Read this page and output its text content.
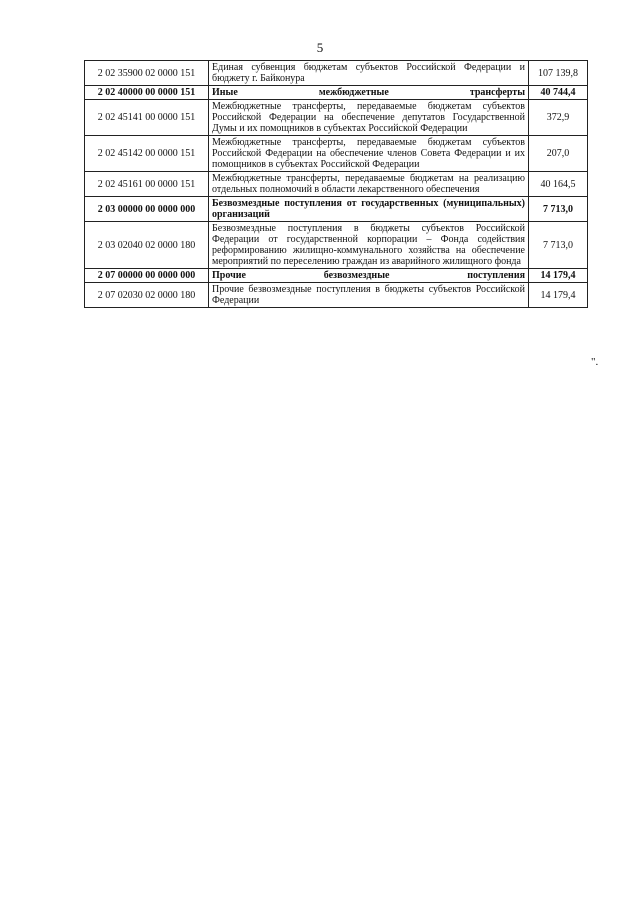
5
2 02 35900 02 0000 151	Единая субвенция бюджетам субъектов Российской Федерации и бюджету г. Байконура	107 139,8
2 02 40000 00 0000 151	Иные межбюджетные трансферты	40 744,4
2 02 45141 00 0000 151	Межбюджетные трансферты, передаваемые бюджетам субъектов Российской Федерации на обеспечение депутатов Государственной Думы и их помощников в субъектах Российской Федерации	372,9
2 02 45142 00 0000 151	Межбюджетные трансферты, передаваемые бюджетам субъектов Российской Федерации на обеспечение членов Совета Федерации и их помощников в субъектах Российской Федерации	207,0
2 02 45161 00 0000 151	Межбюджетные трансферты, передаваемые бюджетам на реализацию отдельных полномочий в области лекарственного обеспечения	40 164,5
2 03 00000 00 0000 000	Безвозмездные поступления от государственных (муниципальных) организаций	7 713,0
2 03 02040 02 0000 180	Безвозмездные поступления в бюджеты субъектов Российской Федерации от государственной корпорации – Фонда содействия реформированию жилищно-коммунального хозяйства на обеспечение мероприятий по переселению граждан из аварийного жилищного фонда	7 713,0
2 07 00000 00 0000 000	Прочие безвозмездные поступления	14 179,4
2 07 02030 02 0000 180	Прочие безвозмездные поступления в бюджеты субъектов Российской Федерации	14 179,4
".
